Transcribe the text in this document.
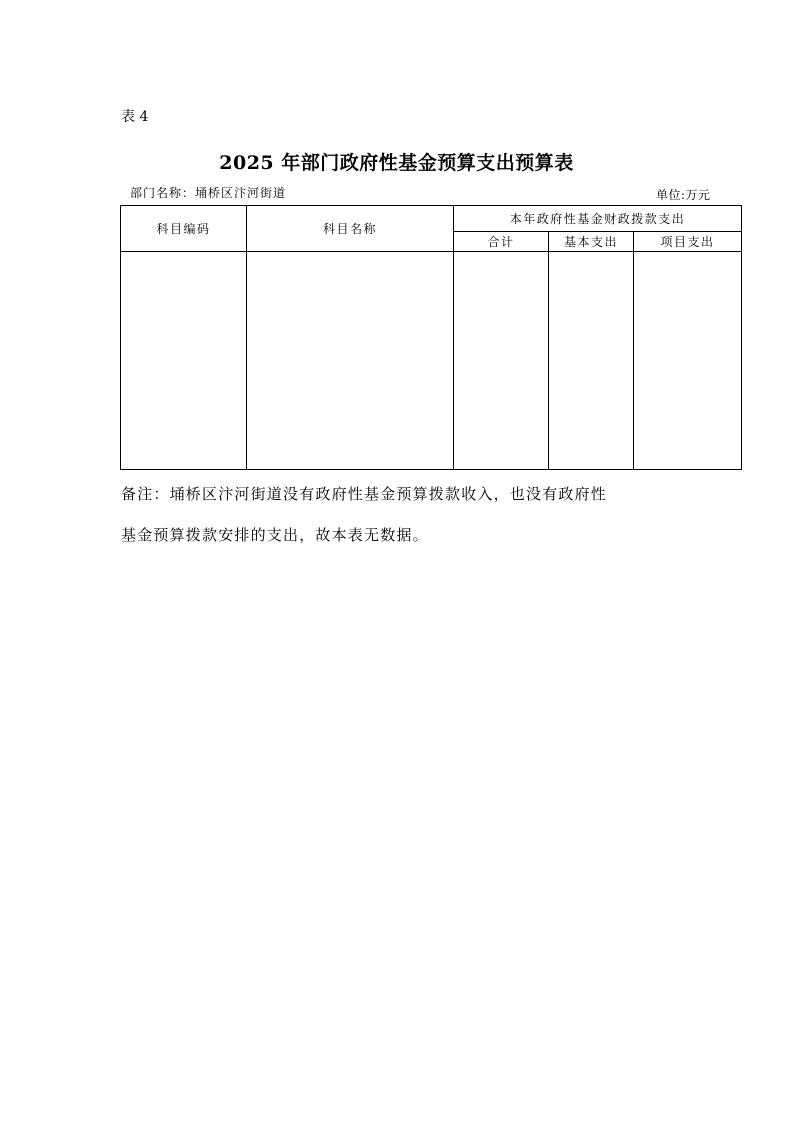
表 4
2025 年部门政府性基金预算支出预算表
部门名称：埇桥区汴河街道	单位:万元
科目编码	科目名称	本年政府性基金财政拨款支出		
		合计	基本支出	项目支出

备注：埇桥区汴河街道没有政府性基金预算拨款收入，也没有政府性
基金预算拨款安排的支出，故本表无数据。
